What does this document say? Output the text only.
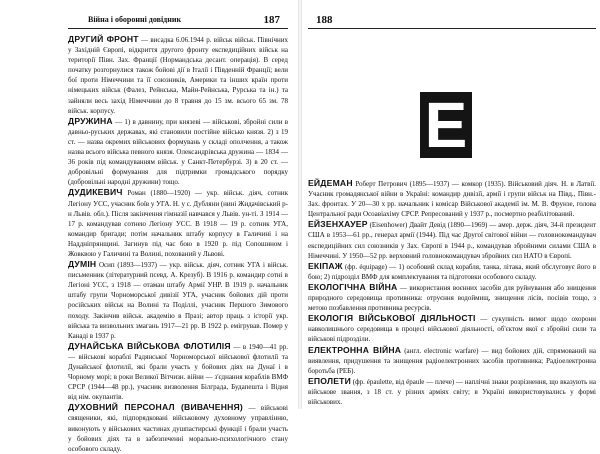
Війна і оборонні довідник	187

ДРУГИЙ ФРОНТ — висадка 6.06.1944 р. військ військ. Північних у Західній Європі, відкриття другого фронту експедиційних військ на території Півн. Зах. Франції (Нормандська десант. операція). В серед початку розгорнулися також бойові дії в Італії і Південній Франції; вели бої проти Німеччини та її союзників, Америки та інших країн проти німецьких військ (Фалез, Рейнська, Майн-Рейнська, Рурська та ін.) та зайняли весь захід Німеччини до 8 травня до 15 зм. всього 65 зм. 78 військ. корпусу.

ДРУЖИНА — 1) в давнину, при князеві — військові, збройні сили в давньо-руських державах, які становили постійне військо князя. 2) з 19 ст. — назва окремих військових формувань у складі ополчення, а також назва всього війська певного князя. Олександрівська дружина — 1834 — 36 років під командуванням військ. у Санкт-Петербурзі. 3) в 20 ст. — добровільні формування для підтримки громадського порядку (добровільні народні дружини) тощо.

ДУДИКЕВИЧ Роман (1880—1920) — укр. військ. діяч, сотник Легіону УСС, учасник боїв у УГА. Н. у с. Дубляни (нині Жидачівський р-н Львів. обл.). Після закінчення гімназії навчався у Львів. ун-ті. З 1914 — 17 р. командував сотнею Легіону УСС. В 1918 — 19 р. сотник УГА, командир бригади; потім начальник штабу корпусу в Галичині і на Наддніпрянщині. Загинув під час бою в 1920 р. під Сопошином і Жовквою у Галичині та Волині, похований у Львові.

ДУМІН Осип (1893—1937) — укр. військ. діяч, сотник УГА і військ. письменник (літературний псевд. А. Крезуб). В 1916 р. командир сотні в Легіоні УСС, з 1918 — отаман штабу Армії УНР. В 1919 р. начальник штабу групи Чорноморської дивізії УГА, учасник бойових дій проти російських військ на Волині та Поділлі, учасник Першого Зимового походу. Закінчив військ. академію в Празі; автор праць з історії укр. війська та визвольних змагань 1917—21 рр. В 1922 р. емігрував. Помер у Канаді в 1937 р.

ДУНАЙСЬКА ВІЙСЬКОВА ФЛОТИЛІЯ — в 1940—41 pp. — військові кораблі Радянської Чорноморської військової флотилії та Дунайської флотилії, які брали участь у бойових діях на Дунаї і в Чорному морі; в роки Великої Вітчизн. війни — з'єднання кораблів ВМФ СРСР (1944—48 pp.), учасник визволення Білграда, Будапешта і Відня від нім. окупантів.

ДУХОВНИЙ ПЕРСОНАЛ (ВИВАЧЕННЯ) — військові священики, які, підпорядковані військовому духовному управлінню, виконують у військових частинах душпастирські функції і брали участь у бойових діях та в забезпеченні морально-психологічного стану особового складу.

188
Е

ЕЙДЕМАН Роберт Петрович (1895—1937) — комкор (1935). Військовий діяч. Н. в Латвії. Учасник громадянської війни в Україні: командир дивізії, армії і групи військ на Півд., Півн.-Зах. фронтах. У 20—30 х рр. начальник і комісар Військової академії ім. М. В. Фрунзе, голова Центральної ради Осоавіахіму СРСР. Репресований у 1937 р., посмертно реабілітований.

ЕЙЗЕНХАУЕР (Eisenhower) Двайт Девід (1890—1969) — амер. держ. діяч, 34-й президент США в 1953—61 рр., генерал армії (1944). Під час Другої світової війни — головнокомандувач експедиційних сил союзників у Зах. Європі в 1944 р., командував збройними силами США в Німеччині. У 1950—52 рр. верховний головнокомандувач збройних сил НАТО в Європі.

ЕКІПАЖ (фр. équipage) — 1) особовий склад корабля, танка, літака, який обслуговує його в бою; 2) підрозділ ВМФ для комплектування та підготовки особового складу.

ЕКОЛОГІЧНА ВІЙНА — використання воєнних засобів для руйнування або знищення природного середовища противника: отруєння водоймищ, знищення лісів, посівів тощо, з метою позбавлення противника ресурсів.

ЕКОЛОГІЯ ВІЙСЬКОВОЇ ДІЯЛЬНОСТІ — сукупність вимог щодо охорони навколишнього середовища в процесі військової діяльності, об'єктом якої є збройні сили та військові підрозділи.

ЕЛЕКТРОННА ВІЙНА (англ. electronic warfare) — вид бойових дій, спрямований на виявлення, придушення та знищення радіоелектронних засобів противника; Радіоелектронна боротьба (РЕБ).

ЕПОЛЕТИ (фр. épaulette, від épaule — плече) — наплічні знаки розрізнення, що вказують на військове звання, з 18 ст. у різних арміях світу; в Україні використовувались у формі військових.
